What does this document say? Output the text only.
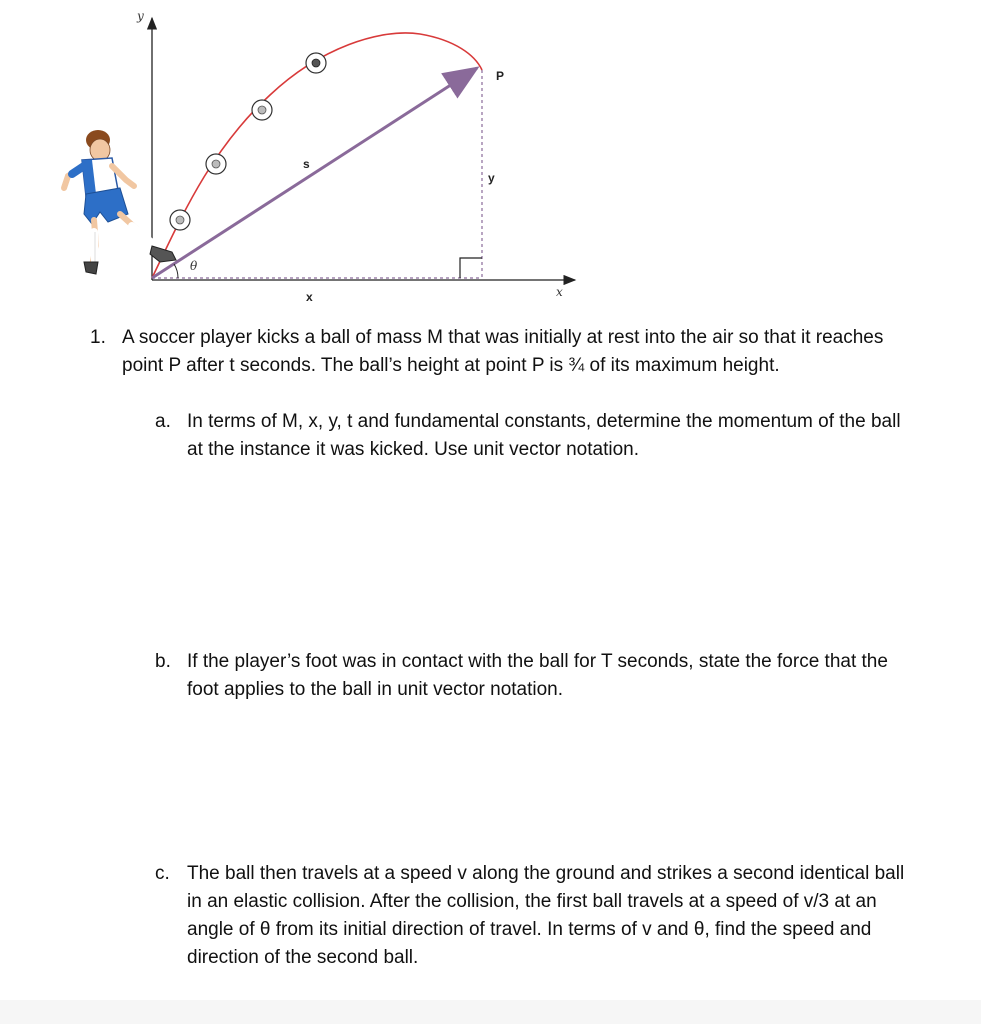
y
x
θ
s
x
y
P
1. A soccer player kicks a ball of mass M that was initially at rest into the air so that it reaches point P after t seconds. The ball’s height at point P is ¾ of its maximum height.
a. In terms of M, x, y, t and fundamental constants, determine the momentum of the ball at the instance it was kicked. Use unit vector notation.
b. If the player’s foot was in contact with the ball for T seconds, state the force that the foot applies to the ball in unit vector notation.
c. The ball then travels at a speed v along the ground and strikes a second identical ball in an elastic collision. After the collision, the first ball travels at a speed of v/3 at an angle of θ from its initial direction of travel. In terms of v and θ, find the speed and direction of the second ball.
